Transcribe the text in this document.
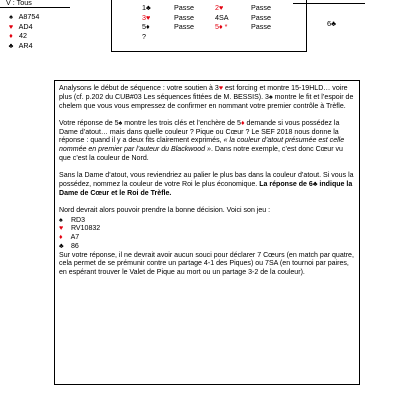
V : Tous
♠ A8754
♥ AD4
♦ 42
♣ AR4
1♣
3♥
5♦
?
Passe
Passe
Passe
2♥
4SA
5♦ *
Passe
Passe
Passe	6♣

Analysons le début de séquence : votre soutien à 3♥ est forcing et montre 15-19HLD… voire plus (cf. p.202 du CUB#03 Les séquences fittées de M. BESSIS). 3♠ montre le fit et l’espoir de chelem que vous vous empressez de confirmer en nommant votre premier contrôle à Trèfle.

Votre réponse de 5♠ montre les trois clés et l’enchère de 5♦ demande si vous possédez la Dame d’atout… mais dans quelle couleur ? Pique ou Cœur ? Le SEF 2018 nous donne la réponse : quand il y a deux fits clairement exprimés, « la couleur d’atout présumée est celle nommée en premier par l’auteur du Blackwood ». Dans notre exemple, c’est donc Cœur vu que c’est la couleur de Nord.

Sans la Dame d’atout, vous reviendriez au palier le plus bas dans la couleur d’atout. Si vous la possédez, nommez la couleur de votre Roi le plus économique. La réponse de 6♣ indique la Dame de Cœur et le Roi de Trèfle.

Nord devrait alors pouvoir prendre la bonne décision. Voici son jeu :

♠ RD3
♥ RV10832
♦ A7
♣ 86

Sur votre réponse, il ne devrait avoir aucun souci pour déclarer 7 Cœurs (en match par quatre, cela permet de se prémunir contre un partage 4-1 des Piques) ou 7SA (en tournoi par paires, en espérant trouver le Valet de Pique au mort ou un partage 3-2 de la couleur).
